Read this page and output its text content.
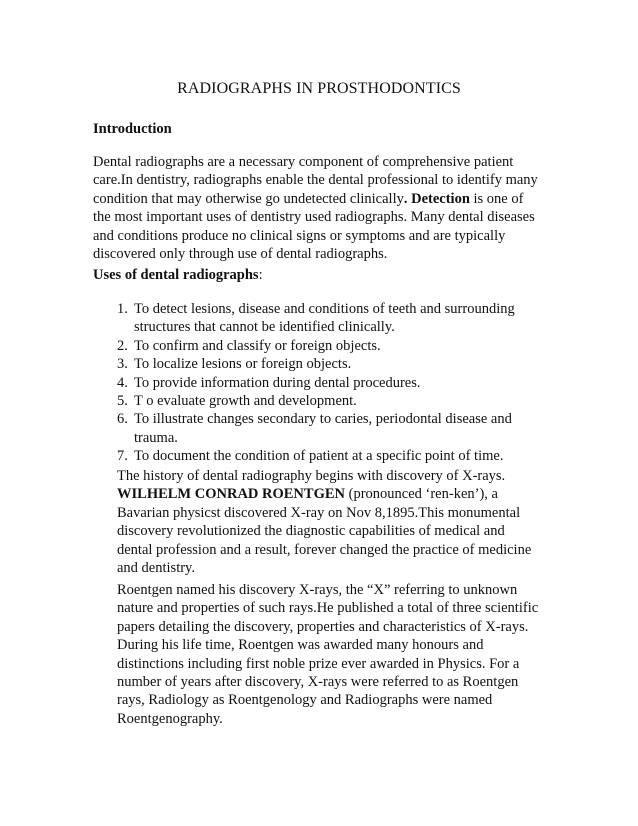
RADIOGRAPHS IN PROSTHODONTICS
Introduction
Dental radiographs are a necessary component of comprehensive patient
care.In dentistry, radiographs enable the dental professional to identify many
condition that may otherwise go undetected clinically. Detection is one of
the most important uses of dentistry used radiographs. Many dental diseases
and conditions produce no clinical signs or symptoms and are typically
discovered only through use of dental radiographs.
Uses of dental radiographs:
1. To detect lesions, disease and conditions of teeth and surrounding
structures that cannot be identified clinically.
2. To confirm and classify or foreign objects.
3. To localize lesions or foreign objects.
4. To provide information during dental procedures.
5. T o evaluate growth and development.
6. To illustrate changes secondary to caries, periodontal disease and
trauma.
7. To document the condition of patient at a specific point of time.
The history of dental radiography begins with discovery of X-rays.
WILHELM CONRAD ROENTGEN (pronounced ‘ren-ken’), a
Bavarian physicst discovered X-ray on Nov 8,1895.This monumental
discovery revolutionized the diagnostic capabilities of medical and
dental profession and a result, forever changed the practice of medicine
and dentistry.
Roentgen named his discovery X-rays, the “X” referring to unknown
nature and properties of such rays.He published a total of three scientific
papers detailing the discovery, properties and characteristics of X-rays.
During his life time, Roentgen was awarded many honours and
distinctions including first noble prize ever awarded in Physics. For a
number of years after discovery, X-rays were referred to as Roentgen
rays, Radiology as Roentgenology and Radiographs were named
Roentgenography.
